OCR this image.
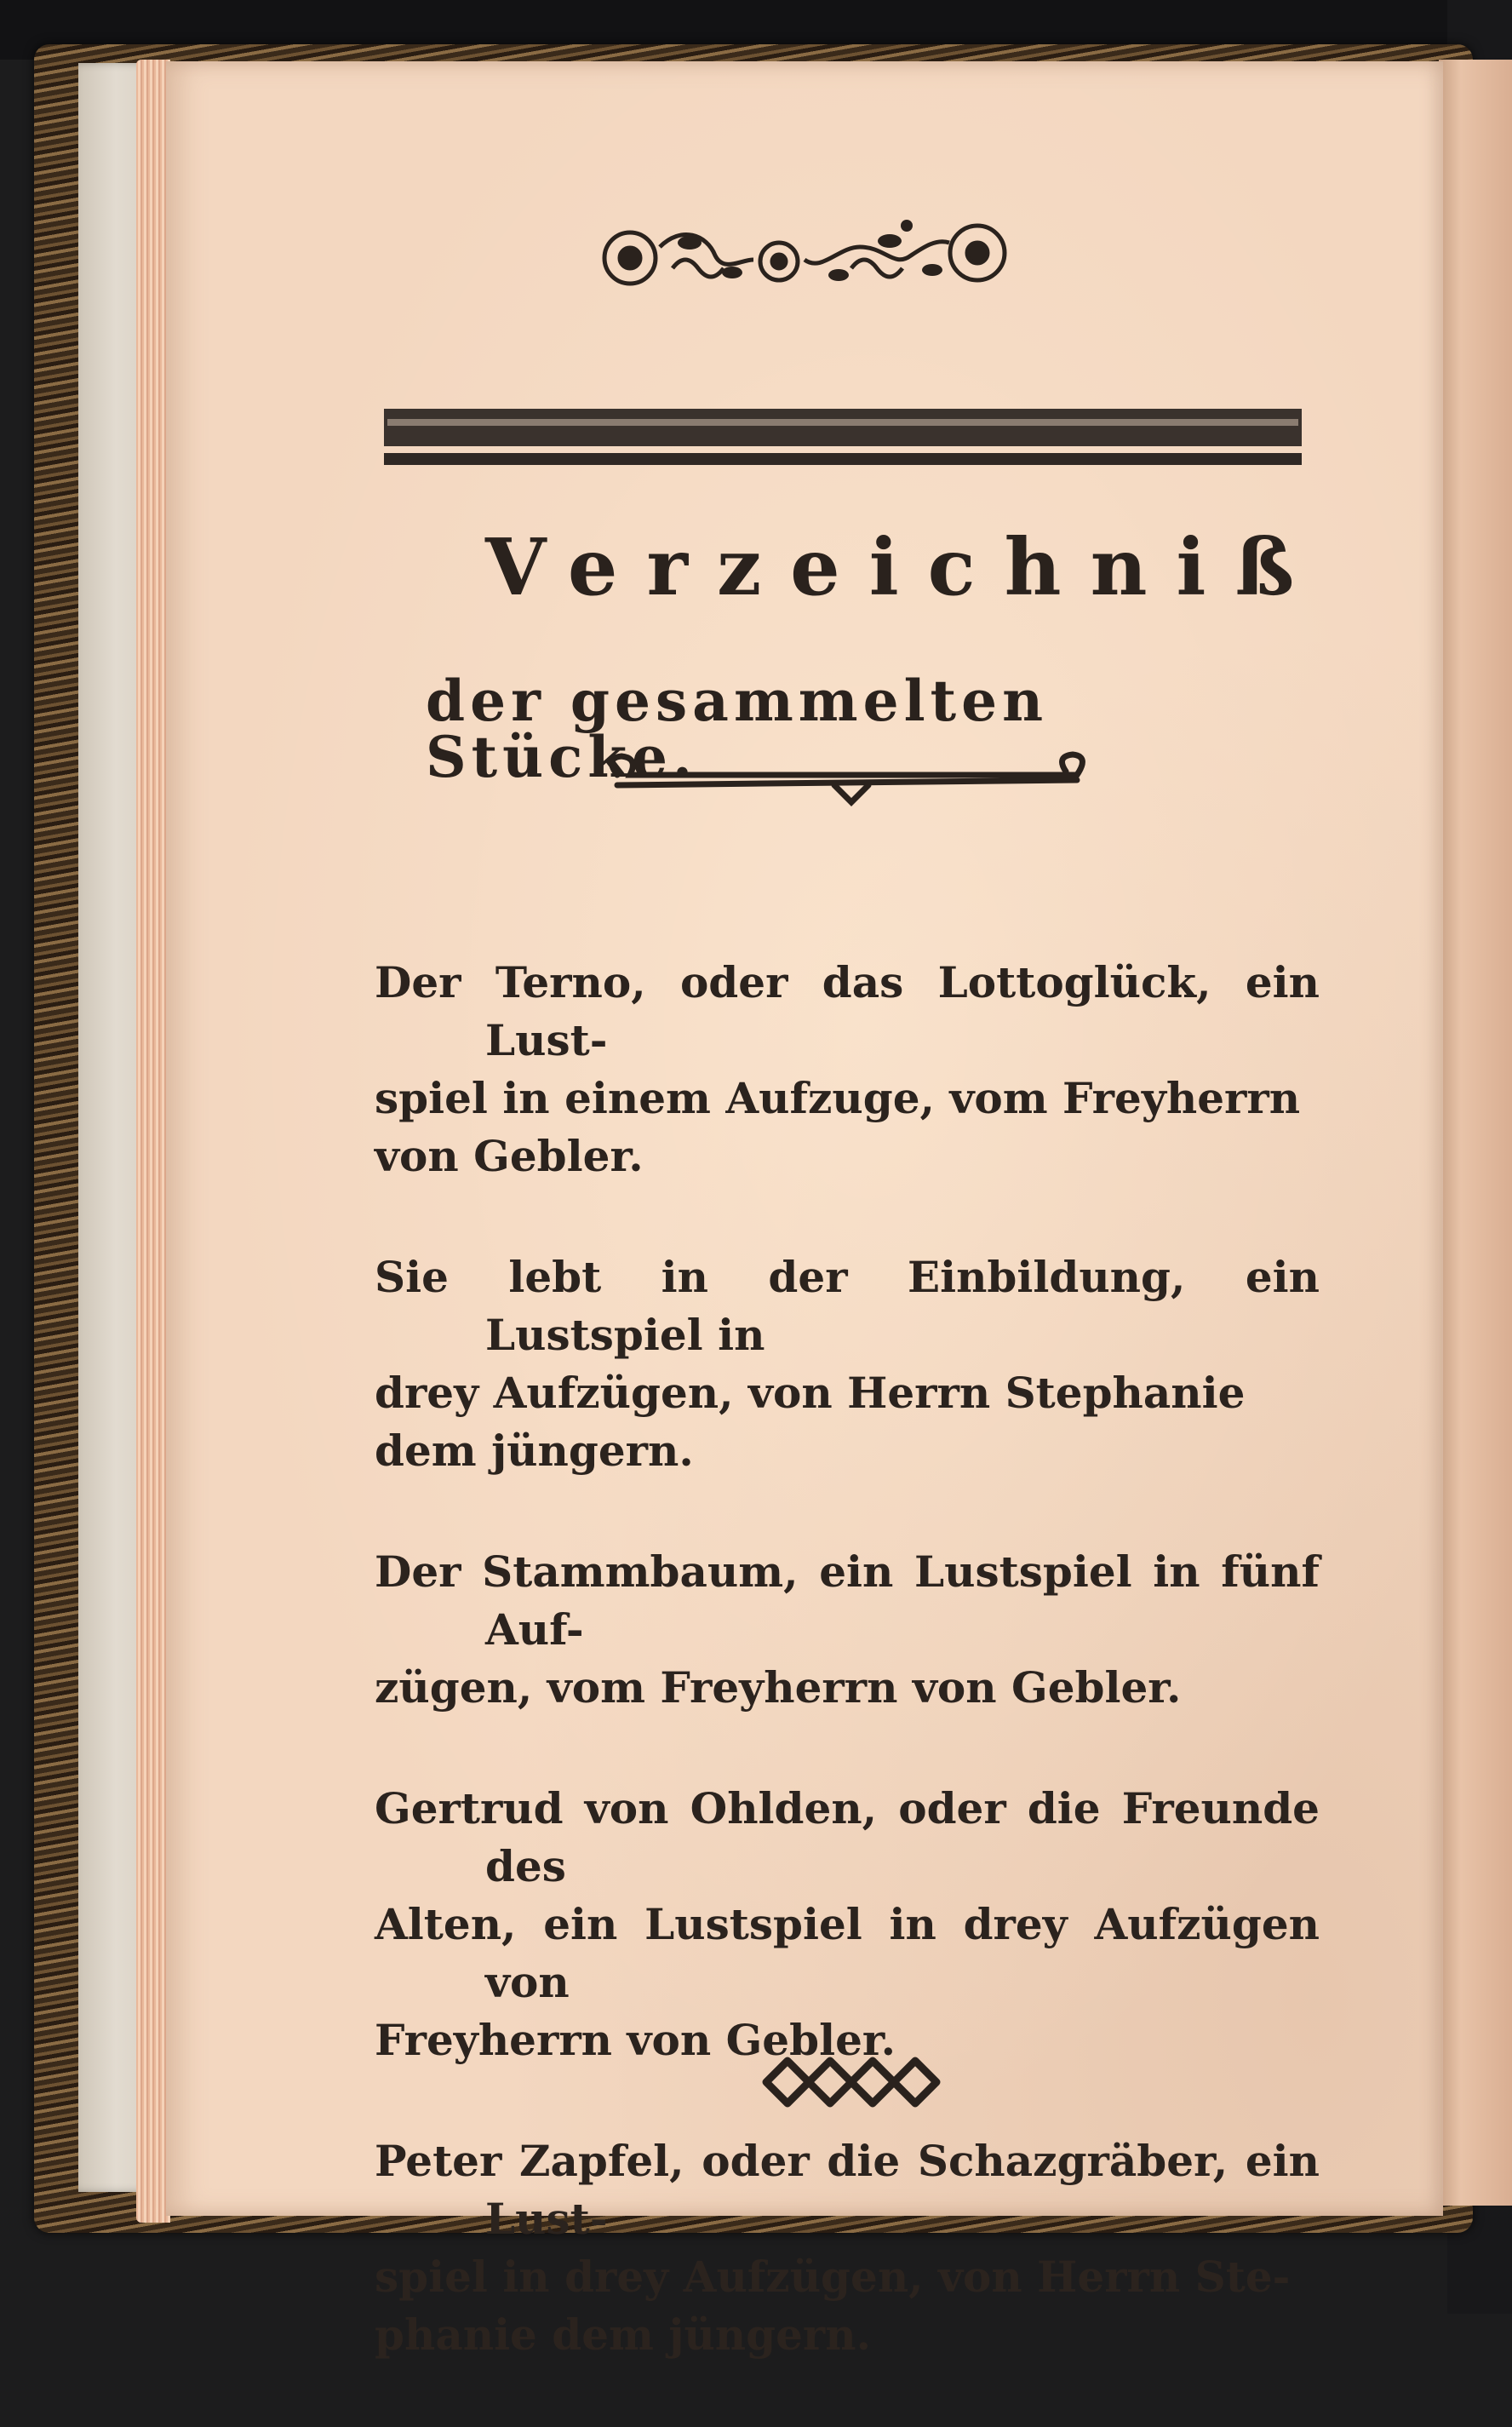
Verzeichniß

der gesammelten Stücke.

Der Terno, oder das Lottoglück, ein Lust-
spiel in einem Aufzuge, vom Freyherrn
von Gebler.
Sie lebt in der Einbildung, ein Lustspiel in
drey Aufzügen, von Herrn Stephanie
dem jüngern.
Der Stammbaum, ein Lustspiel in fünf Auf-
zügen, vom Freyherrn von Gebler.
Gertrud von Ohlden, oder die Freunde des
Alten, ein Lustspiel in drey Aufzügen von
Freyherrn von Gebler.
Peter Zapfel, oder die Schazgräber, ein Lust-
spiel in drey Aufzügen, von Herrn Ste-
phanie dem jüngern.
